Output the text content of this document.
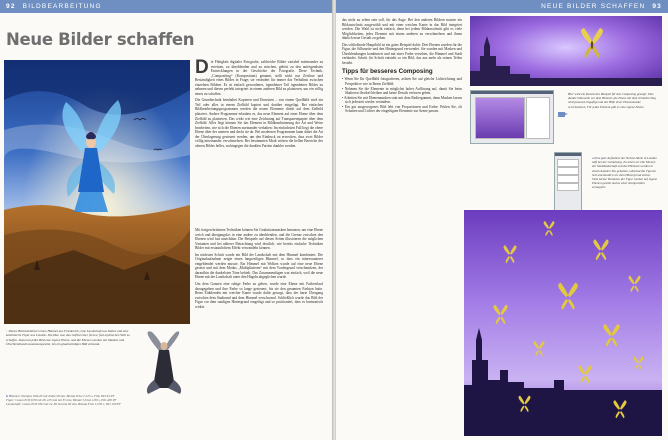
92 BILDBEARBEITUNG
Neue Bilder schaffen

Die Fähigkeit digitaler Fotografie, zahlreiche Bilder variabel miteinander zu vereinen, zu überblenden und zu mischen, gehört zu den aufregendsten Entwicklungen in der Geschichte der Fotografie. Diese Technik, „Compositing“ (Kompositum) genannt, stellt nicht nur Zeitlose und Beständigkeit eines Bildes in Frage; sie verändert für immer das Verhältnis zwischen einzelnen Bildern. Es ist einfach gewordenes, irgendeiner Teil irgendeines Bildes zu nehmen und diesen perfekt integriert in einem anderen Bild zu platzieren, um ein völlig neues zu schaffen.

Die Grundtechnik beinhaltet Kopieren und Einsetzen – von einem Quellbild wird ein Teil oder alles in einem Zielbild kopiert und darüber eingefügt. Bei einfachen Bildbearbeitungsprogrammen werden die neuen Elemente direkt auf dem Zielbild platziert. Andere Programme erlauben es, das neue Element auf einer Ebene über dem Zielbild zu platzieren. Das wirkt wie eine Zeichnung auf Transparentpapier über dem Zielbild. Alles liegt können Sie das Element in Bildkombinierung der Art und Weise bearbeiten, wie sich die Ebenen zueinander verhalten: Im einfachsten Fall liegt die obere Ebene über der unteren und deckt sie ab. Bei modernen Programmen kann dabei die Art der Überlagerung gesteuert werden, um den Eindruck zu erwecken, dass zwei Bilder völlig miteinander verschmelzen. Bei bestimmten Modi wirken die hellen Bereiche des oberen Bildes heller, wohingegen die dunklen Partien dunkler werden.

Mit fortgeschrittenen Techniken können Sie Gradationsmasken benutzen, um eine Ebene weich und übergangslos in eine andere zu überblenden, und die Grenze zwischen den Ebenen wird fast unsichtbar. Die Beispiele auf diesen Seiten illustrieren die möglichen Varianten und bei näherer Betrachtung wird deutlich, wie bereits einfache Techniken Bilder mit erstaunlichem Effekt verwandeln können.

Im nächsten Schritt wurde ein Bild der Landschaft mit dem Himmel kombiniert. Die Originalaufnahme zeigte einen langweiligen Himmel, so dass ein interessanterer eingeblendet werden musste. Ein Himmel mit Wolken wurde auf eine neue Ebene gesetzt und mit dem Modus „Multiplizieren“ mit dem Vordergrund verschmolzen, der daraufhin die dunkelsten Töne behielt. Das Zusammenfügen war einfach, weil die neue Ebene mit der Landschaft unter den Hügeln abgeglichen wurde.

Um dem Ganzen eine ruhige Farbe zu geben, wurde eine Ebene mit Farbverlauf dazugegeben und ihre Farbe so lange gesteuert, bis sie den gesamten Farbton hatte. Beim Einblenden mit weicher Kante wurde dafür gesorgt, dass der harte Übergang zwischen dem Stadtrand und dem Himmel verschwand. Schließlich wurde das Bild der Figur vor dem sandigen Hintergrund eingefügt und so positioniert, dass es harmonisch wirkte.

↑ Dieses Bild kombiniert einen Himmel aus Frankreich, eine Landschaft aus Italien und eine kostümierte Figur aus London. Die Idee war, das Gefühl einer fernen, fast mythischen Welt zu schaffen. Dazu hat jedes Bild eine eigene Ebene, und die Ebenen wurden mit Masken und Überblendmodi zusammengesetzt, bis ein glaubwürdiges Bild entstand.
■ Himmel: Olympus OM-2N mit Zuiko 28 mm, Blende 8 bei 1/125 s, Film ISO 64 PF
Figur: Canon EOS D30 mit 28–105 mm bei 35 mm, Blende 5,6 bei 1/60 s, ISO 400 PF
Landschaft: Canon EOS 10D mit 24–85 mm bei 60 mm, Blende 8 bei 1/250 s, ISO 100 PF
NEUE BILDER SCHAFFEN 93

das nicht zu sehen sein soll, für das Auge. Bei den anderen Bildern musste ein Bildausschnitt ausgewählt und mit einer weichen Kante in das Bild integriert werden. Die Wahl ist nicht einfach, denn bei jedem Bildausschnitt gibt es viele Möglichkeiten, jedes Element mit einem anderen zu verschmelzen und ihnen ähnlich neue Gestalt zu geben.

Das schließende Hauptbild ist ein gutes Beispiel dafür: Drei Ebenen wurden für die Figur, die Silhouette und den Hintergrund verwendet. Sie wurden mit Masken und Überblendungen kombiniert und mit einer Farbe versehen, die Himmel und Stadt verbindet. Schritt für Schritt entsteht so ein Bild, das aus mehr als seinen Teilen besteht.

Tipps für besseres Composing
• Wenn Sie Ihr Quellbild fotografieren, achten Sie auf gleiche Lichtrichtung und Perspektive wie in Ihrem Zielbild.
• Nehmen Sie die Elemente in möglichst hoher Auflösung auf, damit Sie beim Skalieren flexibel bleiben und keine Details verloren gehen.
• Arbeiten Sie mit Ebenenmasken statt mit dem Radiergummi, denn Masken lassen sich jederzeit wieder verändern.
• Ein gut ausgewogenes Bild lebt von Proportionen und Farbe: Prüfen Sie, ob Schatten und Lichter der eingefügten Elemente zur Szene passen.
Hier wird ein klassisches Beispiel für das Composing gezeigt: Eine dunkle Silhouette vor dem Himmel, die Ebene mit dem Schmetterling wird passend eingefügt und mit Hilfe einer Ebenenmaske verschmolzen. Für jedes Element gibt es eine eigene Ebene.
◂ Eine gute Aufnahme der Nelson-Säule in London hilft bei der Gestaltung. Zu sehen ist: Die Ebenen der Stadtlandschaft und des Himmels werden in einem dunklen Ton gehalten, während die Figuren hell und deutlich vor dem Hintergrund stehen. Viele kleine Varianten der Figur werden auf eigene Ebenen gesetzt und zu einer Komposition arrangiert.
